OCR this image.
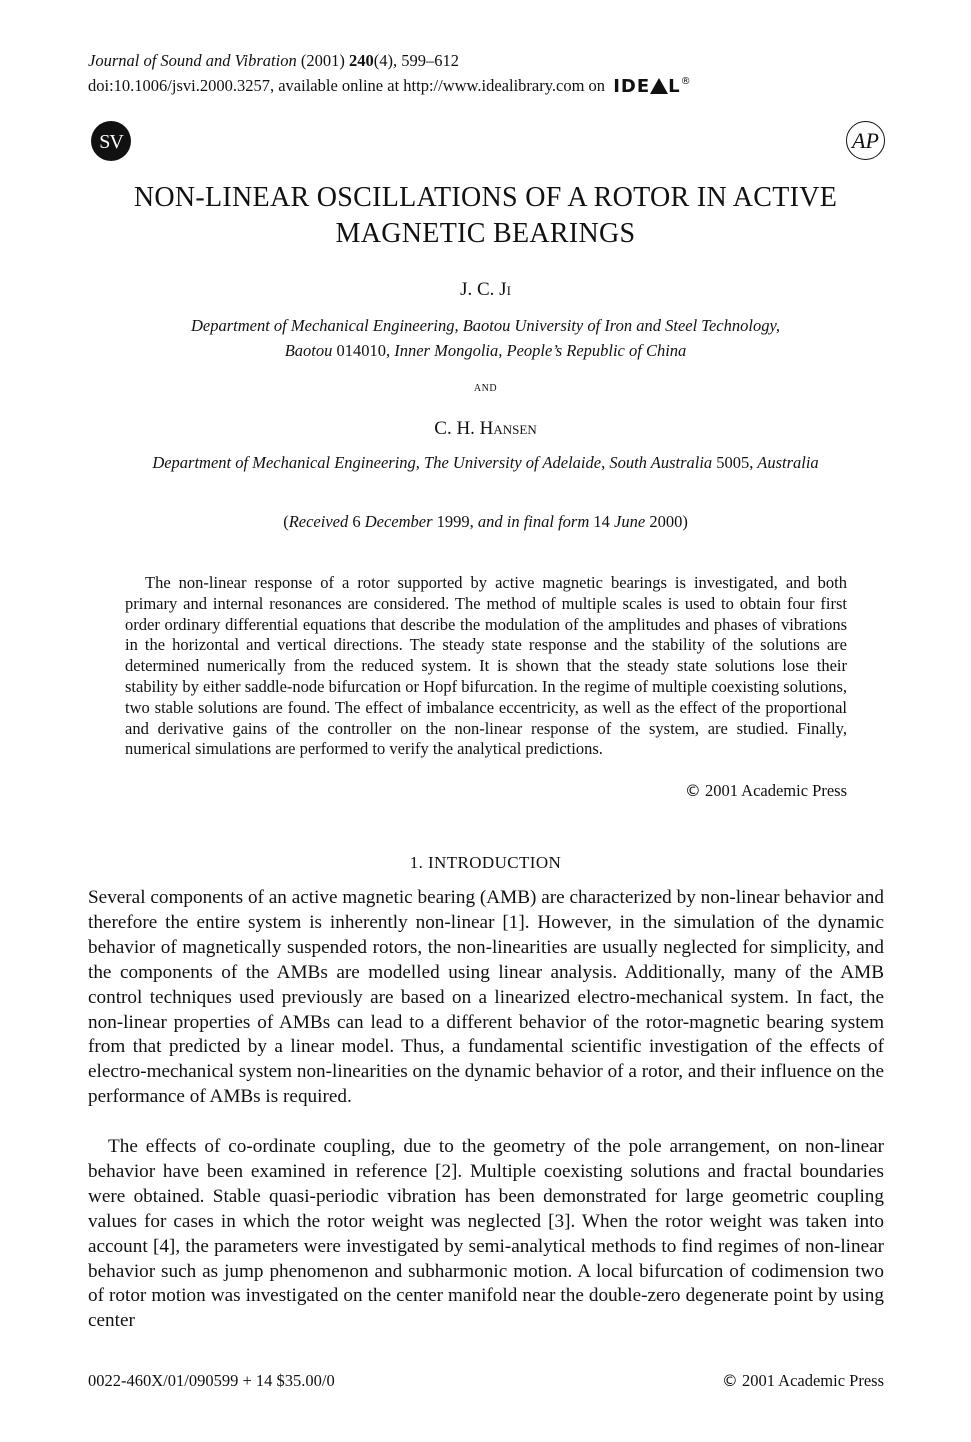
Journal of Sound and Vibration (2001) 240(4), 599–612
doi:10.1006/jsvi.2000.3257, available online at http://www.idealibrary.com on IDE L®
SV	AP
NON-LINEAR OSCILLATIONS OF A ROTOR IN ACTIVE
MAGNETIC BEARINGS
J. C. Ji
Department of Mechanical Engineering, Baotou University of Iron and Steel Technology,
Baotou 014010, Inner Mongolia, People’s Republic of China
and
C. H. Hansen
Department of Mechanical Engineering, The University of Adelaide, South Australia 5005, Australia
(Received 6 December 1999, and in final form 14 June 2000)

The non-linear response of a rotor supported by active magnetic bearings is investigated, and both primary and internal resonances are considered. The method of multiple scales is used to obtain four first order ordinary differential equations that describe the modulation of the amplitudes and phases of vibrations in the horizontal and vertical directions. The steady state response and the stability of the solutions are determined numerically from the reduced system. It is shown that the steady state solutions lose their stability by either saddle-node bifurcation or Hopf bifurcation. In the regime of multiple coexisting solutions, two stable solutions are found. The effect of imbalance eccentricity, as well as the effect of the proportional and derivative gains of the controller on the non-linear response of the system, are studied. Finally, numerical simulations are performed to verify the analytical predictions.

© 2001 Academic Press
1. INTRODUCTION

Several components of an active magnetic bearing (AMB) are characterized by non-linear behavior and therefore the entire system is inherently non-linear [1]. However, in the simulation of the dynamic behavior of magnetically suspended rotors, the non-linearities are usually neglected for simplicity, and the components of the AMBs are modelled using linear analysis. Additionally, many of the AMB control techniques used previously are based on a linearized electro-mechanical system. In fact, the non-linear properties of AMBs can lead to a different behavior of the rotor-magnetic bearing system from that predicted by a linear model. Thus, a fundamental scientific investigation of the effects of electro-mechanical system non-linearities on the dynamic behavior of a rotor, and their influence on the performance of AMBs is required.

The effects of co-ordinate coupling, due to the geometry of the pole arrangement, on non-linear behavior have been examined in reference [2]. Multiple coexisting solutions and fractal boundaries were obtained. Stable quasi-periodic vibration has been demonstrated for large geometric coupling values for cases in which the rotor weight was neglected [3]. When the rotor weight was taken into account [4], the parameters were investigated by semi-analytical methods to find regimes of non-linear behavior such as jump phenomenon and subharmonic motion. A local bifurcation of codimension two of rotor motion was investigated on the center manifold near the double-zero degenerate point by using center

0022-460X/01/090599 + 14 $35.00/0	© 2001 Academic Press
